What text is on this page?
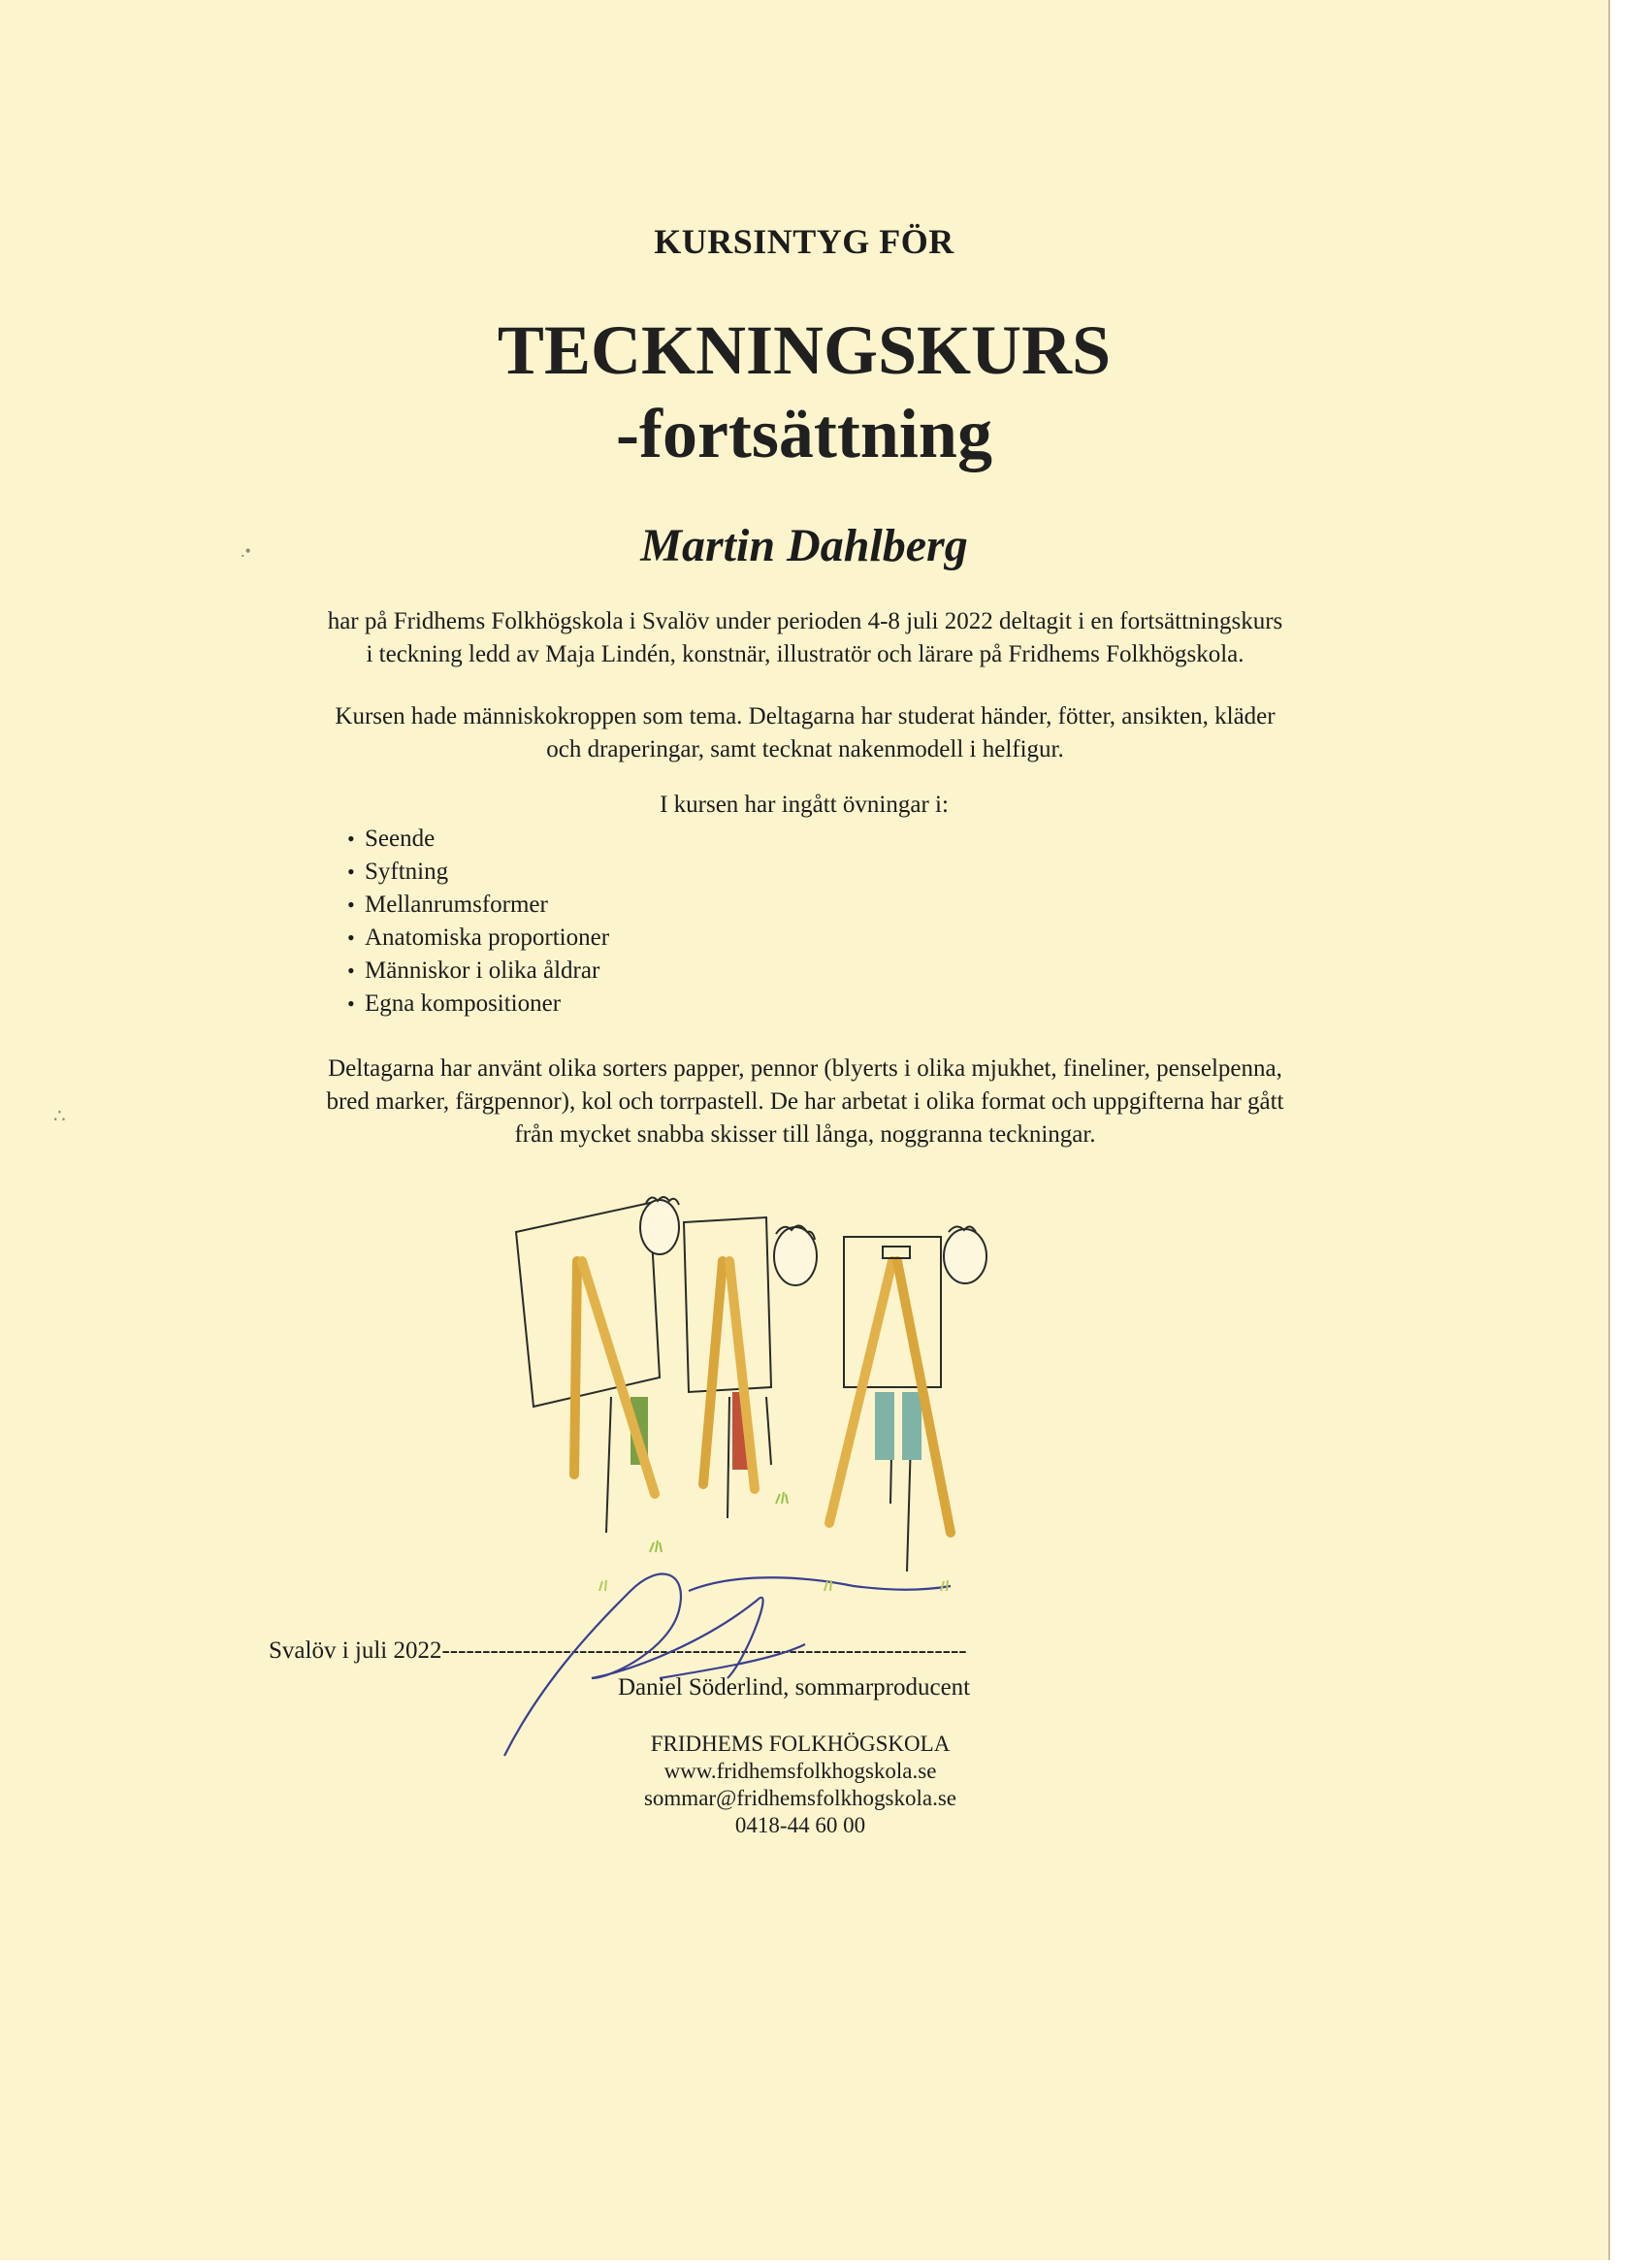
.•
∴
KURSINTYG FÖR
TECKNINGSKURS
-fortsättning
Martin Dahlberg
har på Fridhems Folkhögskola i Svalöv under perioden 4-8 juli 2022 deltagit i en fortsättningskurs
i teckning ledd av Maja Lindén, konstnär, illustratör och lärare på Fridhems Folkhögskola.
Kursen hade människokroppen som tema. Deltagarna har studerat händer, fötter, ansikten, kläder
och draperingar, samt tecknat nakenmodell i helfigur.
I kursen har ingått övningar i:
• Seende
• Syftning
• Mellanrumsformer
• Anatomiska proportioner
• Människor i olika åldrar
• Egna kompositioner
Deltagarna har använt olika sorters papper, pennor (blyerts i olika mjukhet, fineliner, penselpenna,
bred marker, färgpennor), kol och torrpastell. De har arbetat i olika format och uppgifterna har gått
från mycket snabba skisser till långa, noggranna teckningar.
Svalöv i juli 2022-----------------------------------------------------------------
Daniel Söderlind, sommarproducent
FRIDHEMS FOLKHÖGSKOLA
www.fridhemsfolkhogskola.se
sommar@fridhemsfolkhogskola.se
0418-44 60 00
